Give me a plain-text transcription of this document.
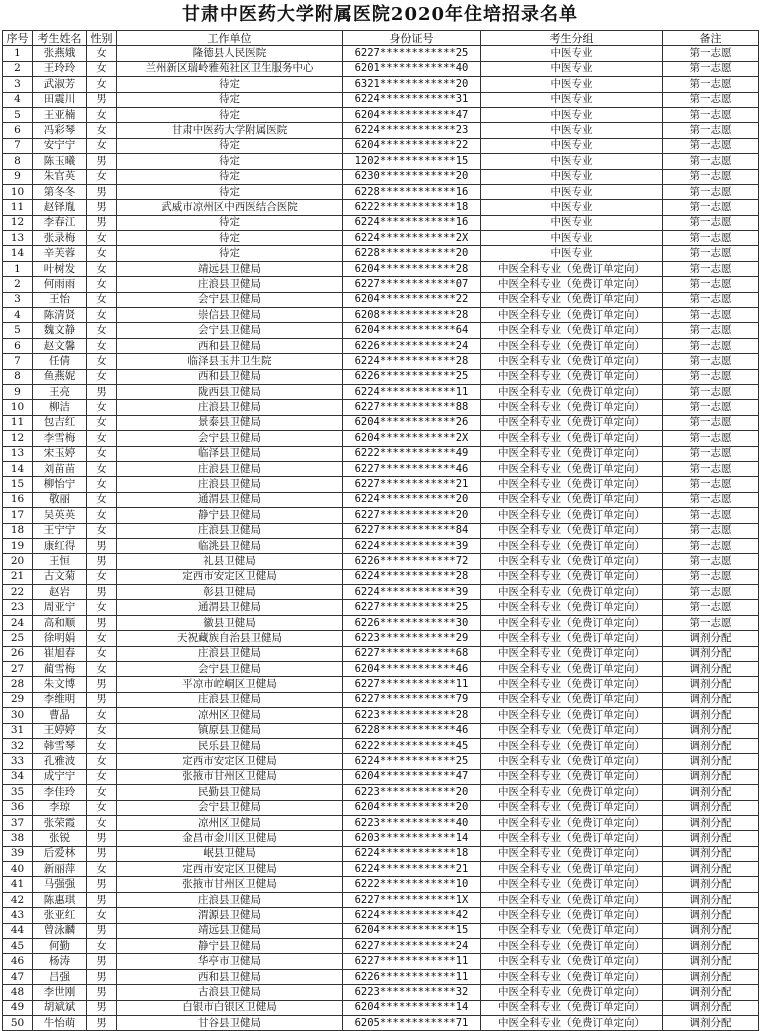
甘肃中医药大学附属医院2020年住培招录名单
序号	考生姓名	性别	工作单位	身份证号	考生分组	备注
1	张燕娥	女	隆德县人民医院	6227************25	中医专业	第一志愿
2	王玲玲	女	兰州新区瑞岭雅苑社区卫生服务中心	6201************40	中医专业	第一志愿
3	武淑芳	女	待定	6321************20	中医专业	第一志愿
4	田震川	男	待定	6224************31	中医专业	第一志愿
5	王亚楠	女	待定	6204************47	中医专业	第一志愿
6	冯彩琴	女	甘肃中医药大学附属医院	6224************23	中医专业	第一志愿
7	安宁宁	女	待定	6204************22	中医专业	第一志愿
8	陈玉曦	男	待定	1202************15	中医专业	第一志愿
9	朱官英	女	待定	6230************20	中医专业	第一志愿
10	第冬冬	男	待定	6228************16	中医专业	第一志愿
11	赵铎胤	男	武威市凉州区中西医结合医院	6222************18	中医专业	第一志愿
12	李春江	男	待定	6224************16	中医专业	第一志愿
13	张录梅	女	待定	6224************2X	中医专业	第一志愿
14	辛芙蓉	女	待定	6228************20	中医专业	第一志愿
1	叶树发	女	靖远县卫健局	6204************28	中医全科专业（免费订单定向）	第一志愿
2	何雨雨	女	庄浪县卫健局	6227************07	中医全科专业（免费订单定向）	第一志愿
3	王怡	女	会宁县卫健局	6204************22	中医全科专业（免费订单定向）	第一志愿
4	陈清贤	女	崇信县卫健局	6208************28	中医全科专业（免费订单定向）	第一志愿
5	魏文静	女	会宁县卫健局	6204************64	中医全科专业（免费订单定向）	第一志愿
6	赵文馨	女	西和县卫健局	6226************24	中医全科专业（免费订单定向）	第一志愿
7	任倩	女	临泽县玉井卫生院	6224************28	中医全科专业（免费订单定向）	第一志愿
8	鱼燕妮	女	西和县卫健局	6226************25	中医全科专业（免费订单定向）	第一志愿
9	王亮	男	陇西县卫健局	6224************11	中医全科专业（免费订单定向）	第一志愿
10	柳洁	女	庄浪县卫健局	6227************88	中医全科专业（免费订单定向）	第一志愿
11	包吉红	女	景泰县卫健局	6204************26	中医全科专业（免费订单定向）	第一志愿
12	李雪梅	女	会宁县卫健局	6204************2X	中医全科专业（免费订单定向）	第一志愿
13	宋玉婷	女	临泽县卫健局	6222************49	中医全科专业（免费订单定向）	第一志愿
14	刘苗苗	女	庄浪县卫健局	6227************46	中医全科专业（免费订单定向）	第一志愿
15	柳怡宁	女	庄浪县卫健局	6227************21	中医全科专业（免费订单定向）	第一志愿
16	敬丽	女	通渭县卫健局	6224************20	中医全科专业（免费订单定向）	第一志愿
17	吴英英	女	静宁县卫健局	6227************20	中医全科专业（免费订单定向）	第一志愿
18	王宁宁	女	庄浪县卫健局	6227************84	中医全科专业（免费订单定向）	第一志愿
19	康红得	男	临洮县卫健局	6224************39	中医全科专业（免费订单定向）	第一志愿
20	王恒	男	礼县卫健局	6226************72	中医全科专业（免费订单定向）	第一志愿
21	古文菊	女	定西市安定区卫健局	6224************28	中医全科专业（免费订单定向）	第一志愿
22	赵岩	男	彰县卫健局	6224************39	中医全科专业（免费订单定向）	第一志愿
23	周亚宁	女	通渭县卫健局	6227************25	中医全科专业（免费订单定向）	第一志愿
24	高和顺	男	徽县卫健局	6226************30	中医全科专业（免费订单定向）	第一志愿
25	徐明娟	女	天祝藏族自治县卫健局	6223************29	中医全科专业（免费订单定向）	调剂分配
26	崔旭春	女	庄浪县卫健局	6227************68	中医全科专业（免费订单定向）	调剂分配
27	蔺雪梅	女	会宁县卫健局	6204************46	中医全科专业（免费订单定向）	调剂分配
28	朱文博	男	平凉市崆峒区卫健局	6227************11	中医全科专业（免费订单定向）	调剂分配
29	李维明	男	庄浪县卫健局	6227************79	中医全科专业（免费订单定向）	调剂分配
30	曹晶	女	凉州区卫健局	6223************28	中医全科专业（免费订单定向）	调剂分配
31	王婷婷	女	镇原县卫健局	6228************46	中医全科专业（免费订单定向）	调剂分配
32	韩雪琴	女	民乐县卫健局	6222************45	中医全科专业（免费订单定向）	调剂分配
33	孔雅波	女	定西市安定区卫健局	6224************25	中医全科专业（免费订单定向）	调剂分配
34	成宁宁	女	张掖市甘州区卫健局	6204************47	中医全科专业（免费订单定向）	调剂分配
35	李佳玲	女	民勤县卫健局	6223************20	中医全科专业（免费订单定向）	调剂分配
36	李琼	女	会宁县卫健局	6204************20	中医全科专业（免费订单定向）	调剂分配
37	张荣霞	女	凉州区卫健局	6223************40	中医全科专业（免费订单定向）	调剂分配
38	张锐	男	金昌市金川区卫健局	6203************14	中医全科专业（免费订单定向）	调剂分配
39	后爱林	男	岷县卫健局	6224************18	中医全科专业（免费订单定向）	调剂分配
40	新丽萍	女	定西市安定区卫健局	6224************21	中医全科专业（免费订单定向）	调剂分配
41	马强强	男	张掖市甘州区卫健局	6222************10	中医全科专业（免费订单定向）	调剂分配
42	陈惠琪	男	庄浪县卫健局	6227************1X	中医全科专业（免费订单定向）	调剂分配
43	张亚红	女	渭源县卫健局	6224************42	中医全科专业（免费订单定向）	调剂分配
44	曾泳麟	男	靖远县卫健局	6204************15	中医全科专业（免费订单定向）	调剂分配
45	何勤	女	静宁县卫健局	6227************24	中医全科专业（免费订单定向）	调剂分配
46	杨涛	男	华亭市卫健局	6227************11	中医全科专业（免费订单定向）	调剂分配
47	吕强	男	西和县卫健局	6226************11	中医全科专业（免费订单定向）	调剂分配
48	李世刚	男	古浪县卫健局	6223************32	中医全科专业（免费订单定向）	调剂分配
49	胡斌斌	男	白银市白银区卫健局	6204************14	中医全科专业（免费订单定向）	调剂分配
50	牛怡萌	男	甘谷县卫健局	6205************71	中医全科专业（免费订单定向）	调剂分配
